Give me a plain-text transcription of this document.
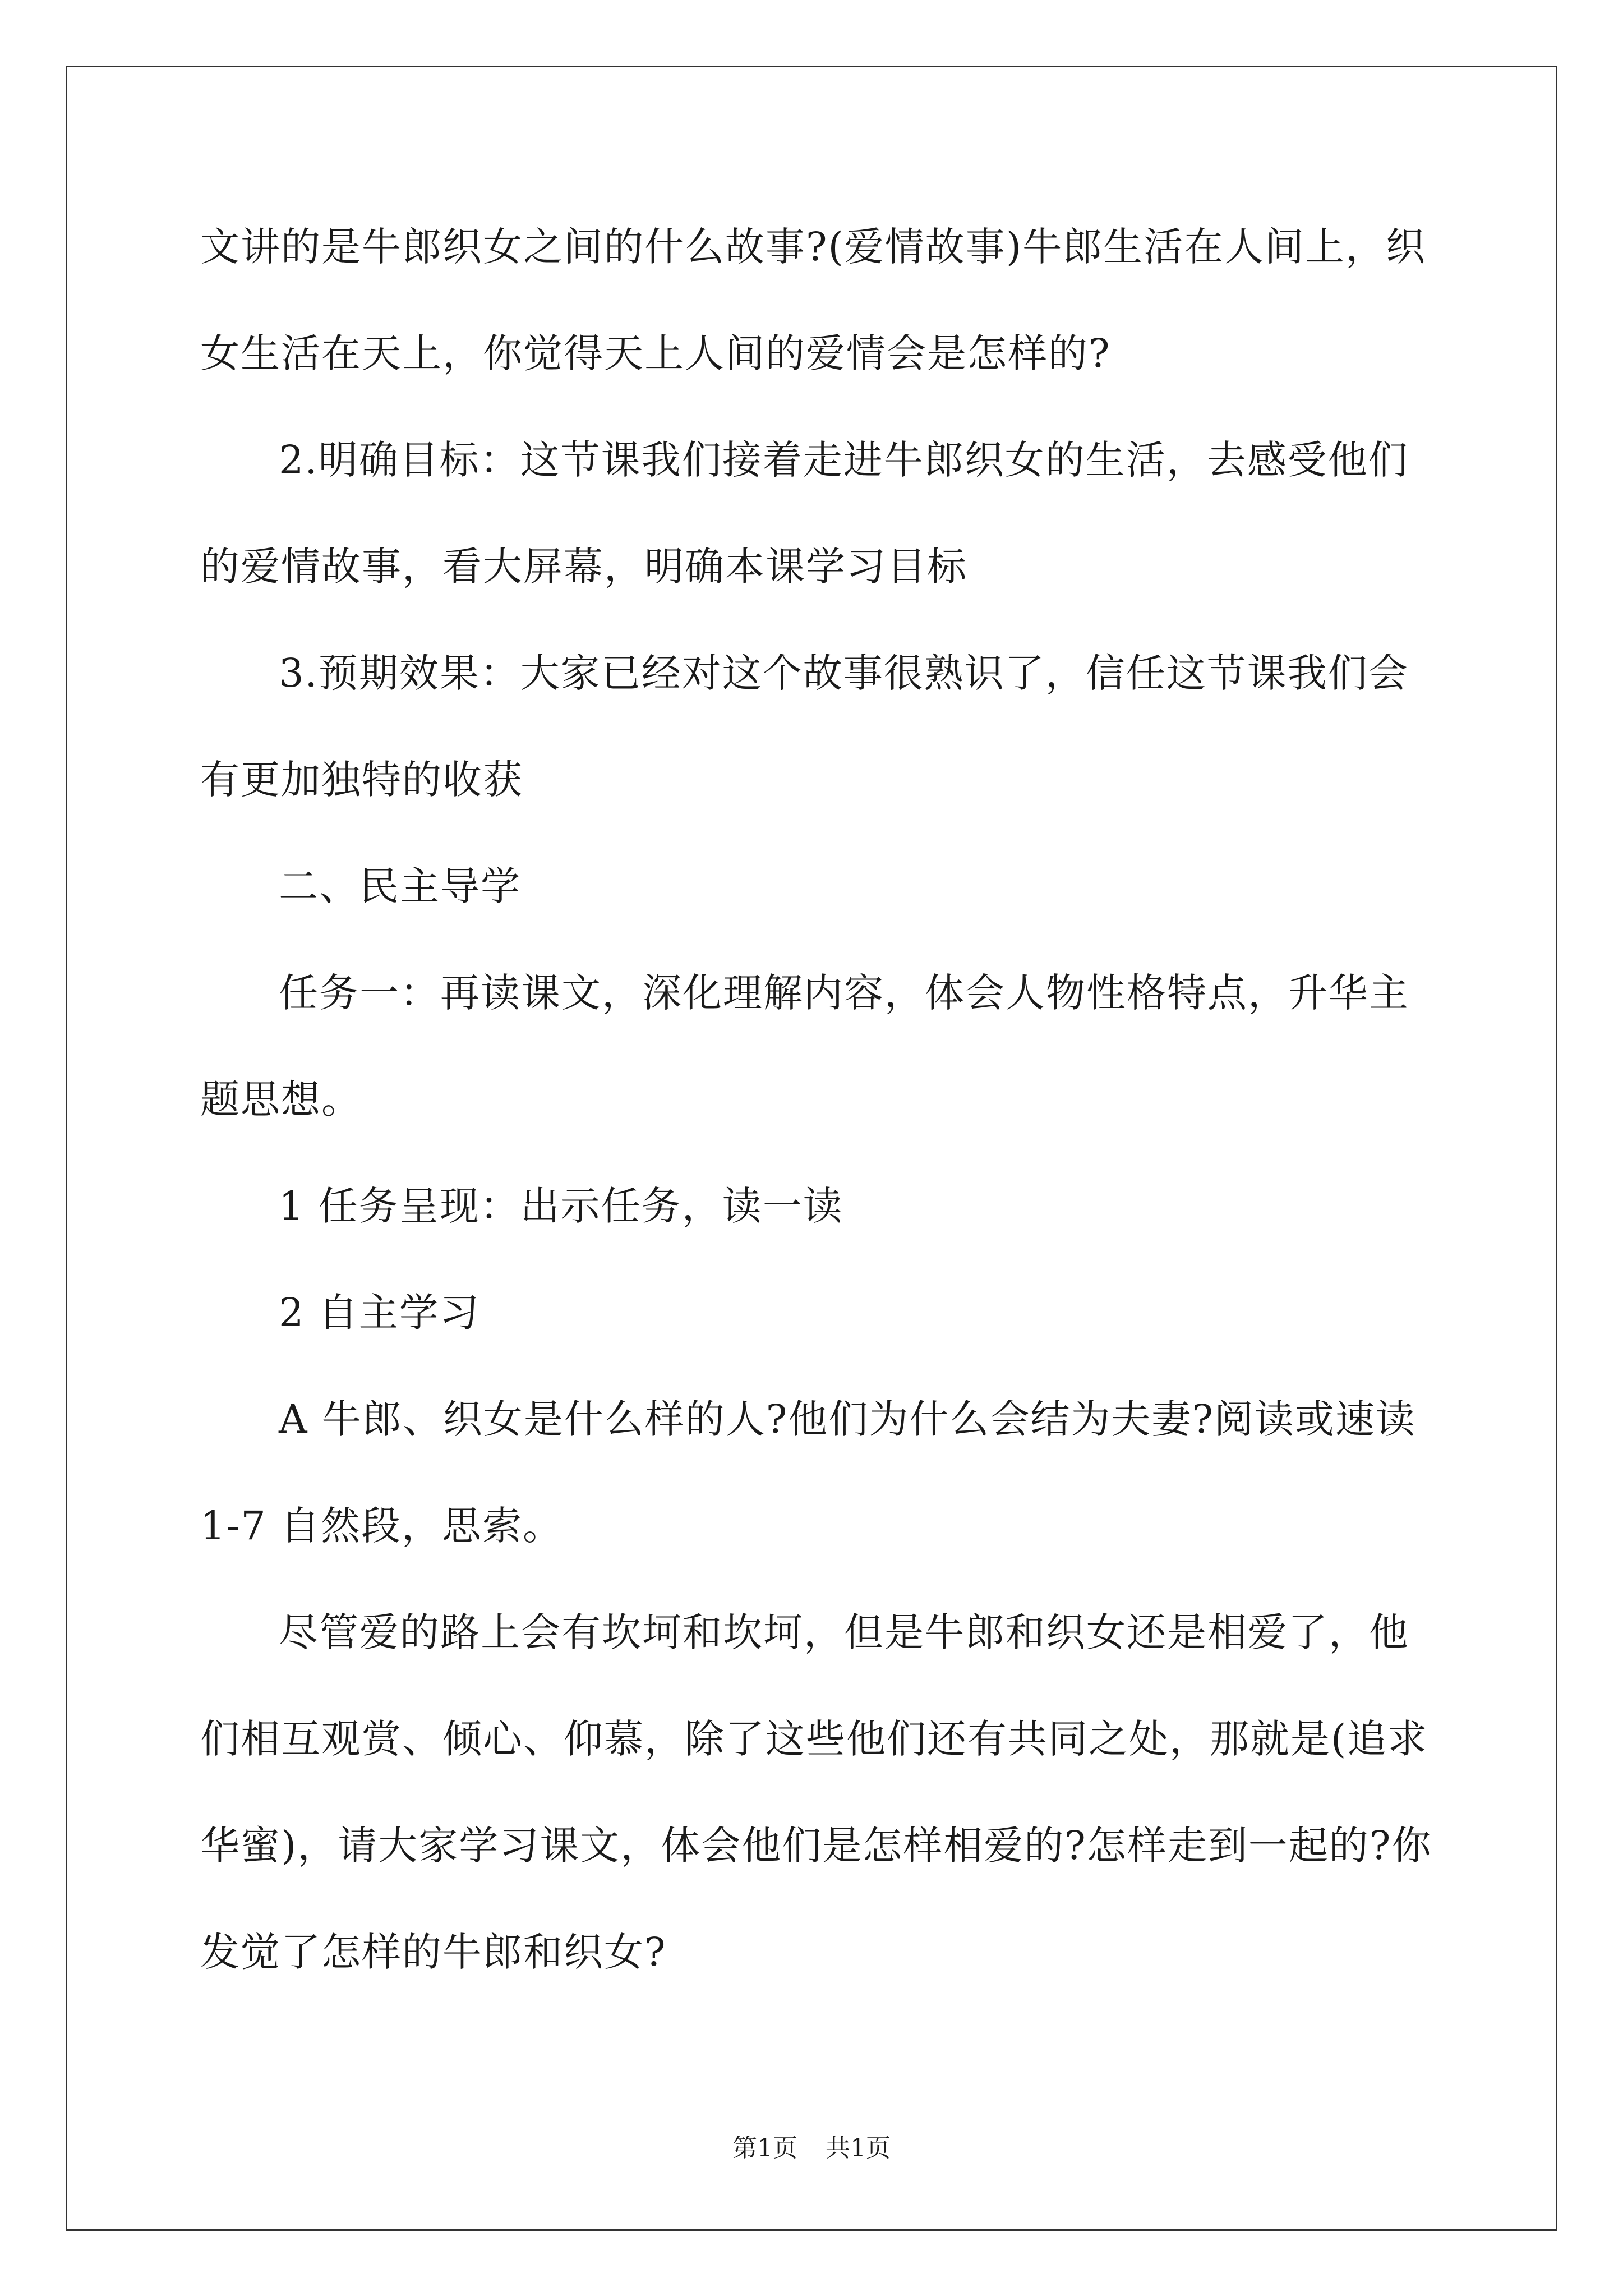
文讲的是牛郎织女之间的什么故事?(爱情故事)牛郎生活在人间上，织
女生活在天上，你觉得天上人间的爱情会是怎样的?
2.明确目标：这节课我们接着走进牛郎织女的生活，去感受他们
的爱情故事，看大屏幕，明确本课学习目标
3.预期效果：大家已经对这个故事很熟识了，信任这节课我们会
有更加独特的收获
二、民主导学
任务一：再读课文，深化理解内容，体会人物性格特点，升华主
题思想。
1 任务呈现：出示任务，读一读
2 自主学习
A 牛郎、织女是什么样的人?他们为什么会结为夫妻?阅读或速读
1-7 自然段，思索。
尽管爱的路上会有坎坷和坎坷，但是牛郎和织女还是相爱了，他
们相互观赏、倾心、仰慕，除了这些他们还有共同之处，那就是(追求
华蜜)，请大家学习课文，体会他们是怎样相爱的?怎样走到一起的?你
发觉了怎样的牛郎和织女?
第1页 共1页
